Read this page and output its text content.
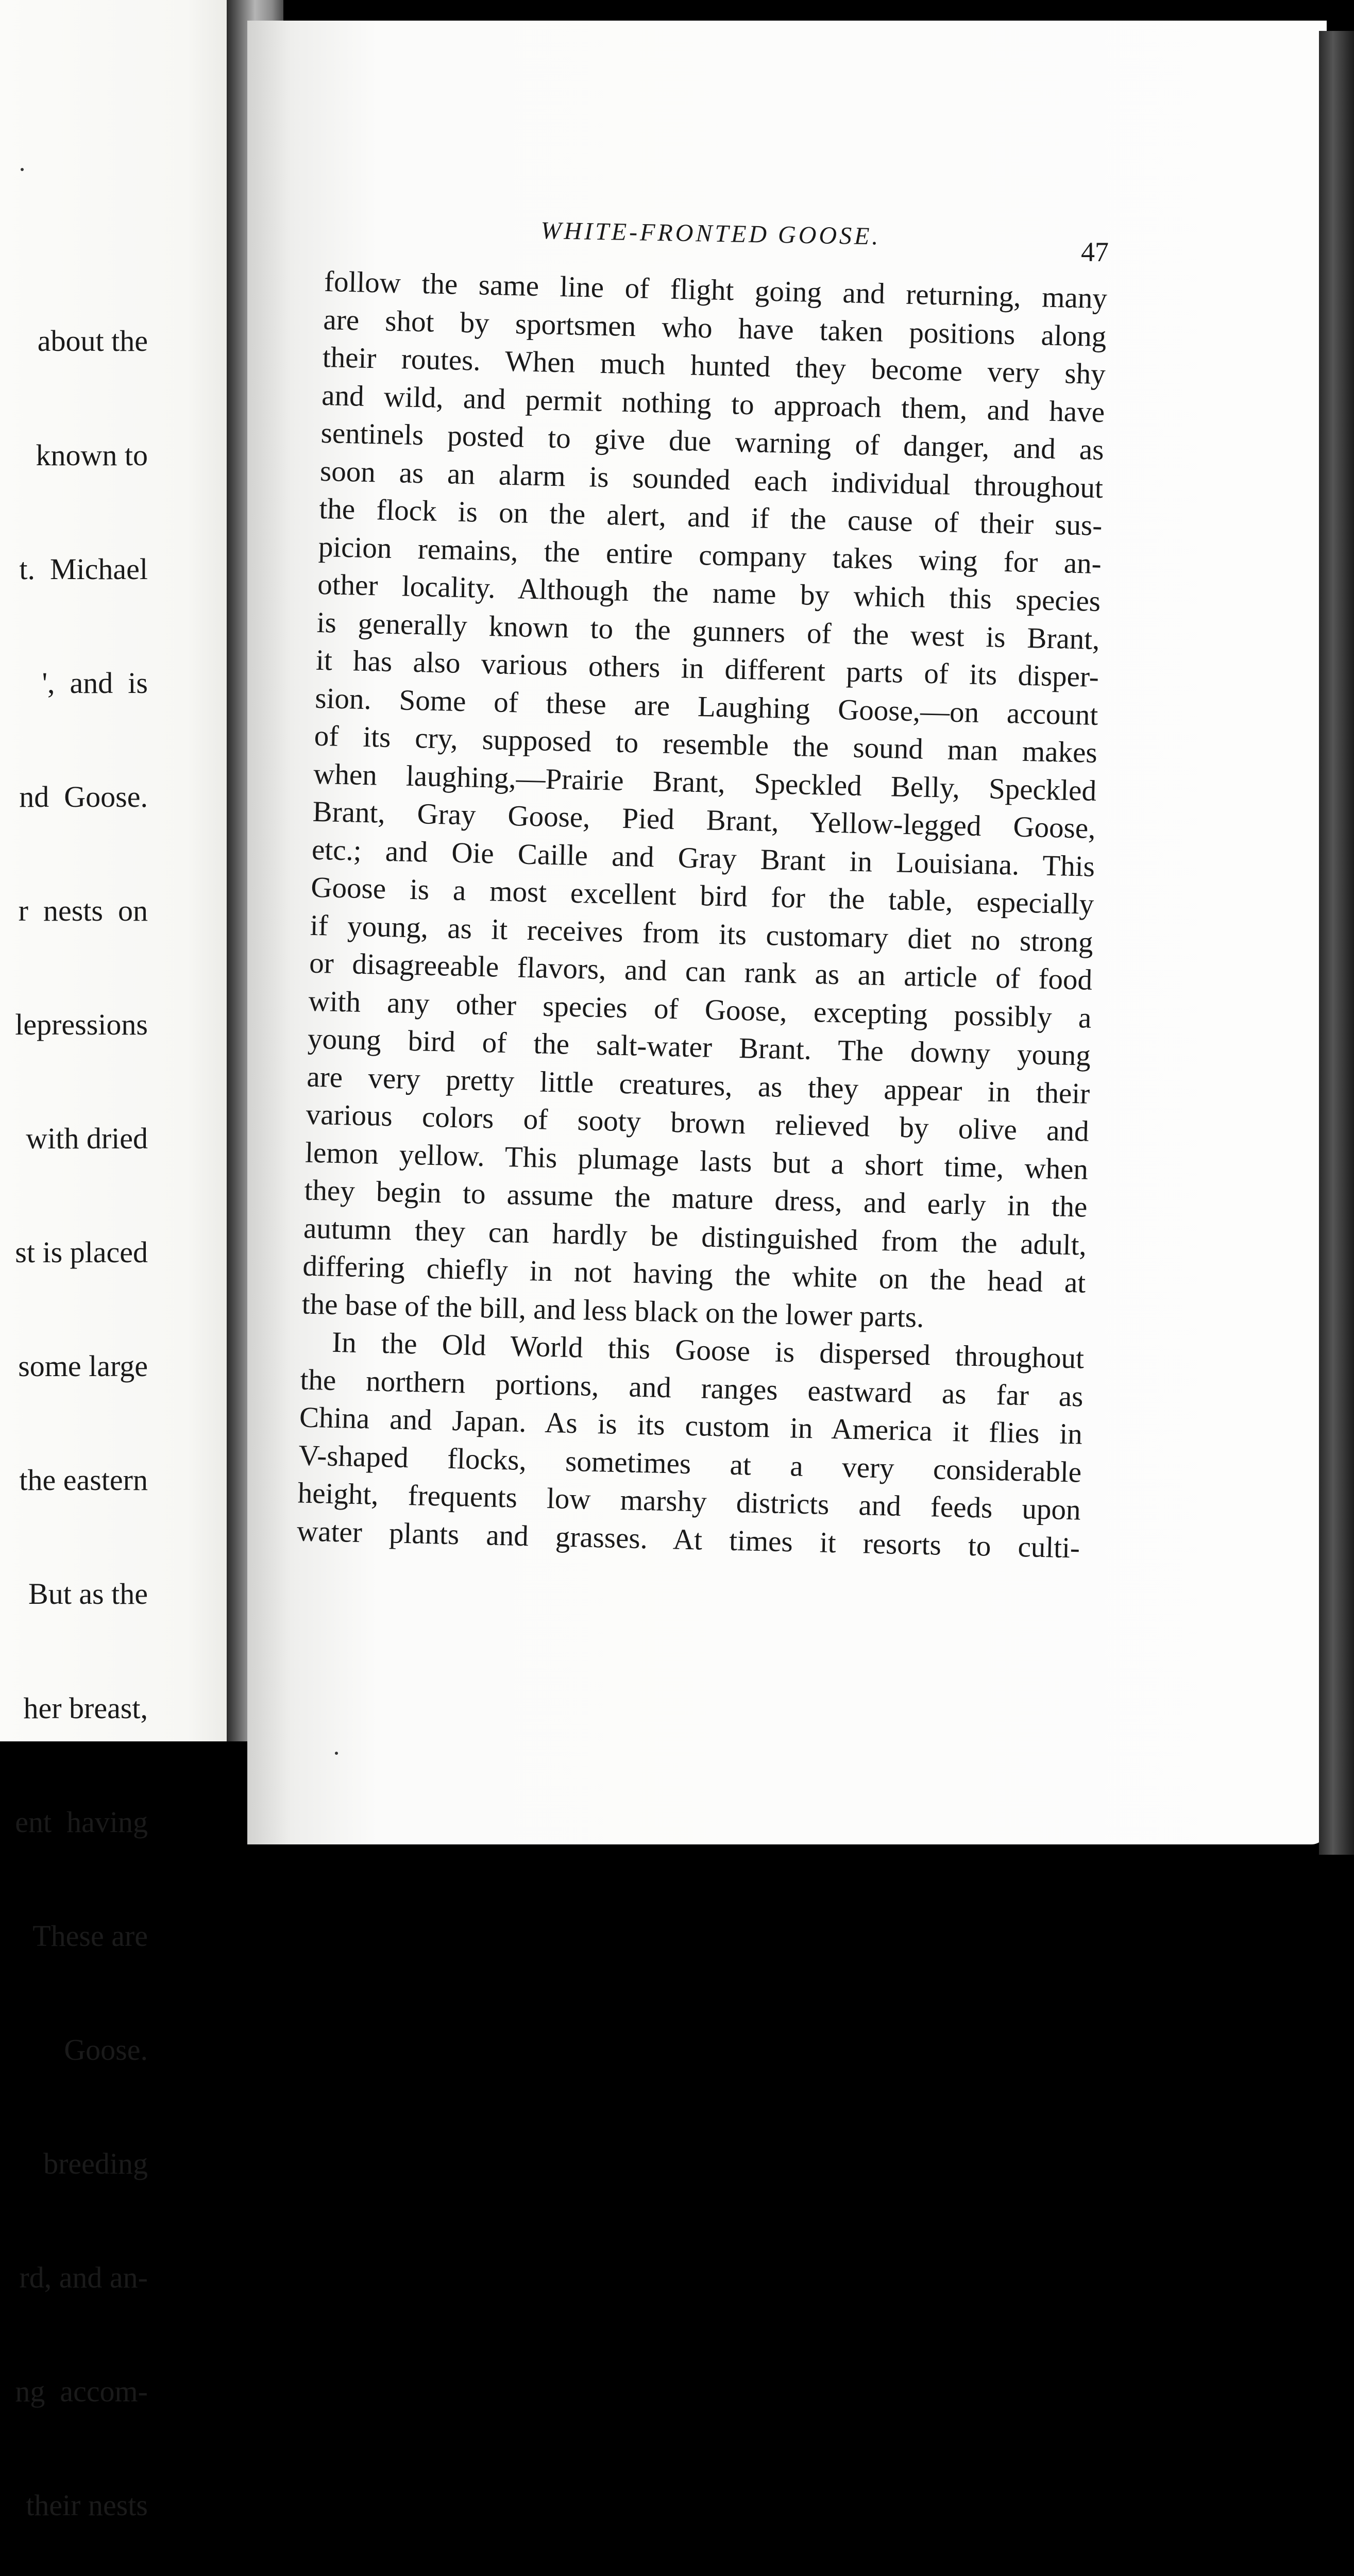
about the

known to

t.  Michael

',  and  is

nd  Goose.

r  nests  on

lepressions

with dried

st is placed

some large

the eastern

But as the

her breast,

ent  having

These are

Goose.

breeding

rd, and an-

ng  accom-

their nests

WHITE-FRONTED GOOSE.
47
follow the same line of flight going and returning, many
are shot by sportsmen who have taken positions along
their routes. When much hunted they become very shy
and wild, and permit nothing to approach them, and have
sentinels posted to give due warning of danger, and as
soon as an alarm is sounded each individual throughout
the flock is on the alert, and if the cause of their sus-
picion remains, the entire company takes wing for an-
other locality. Although the name by which this species
is generally known to the gunners of the west is Brant,
it has also various others in different parts of its disper-
sion. Some of these are Laughing Goose,—on account
of its cry, supposed to resemble the sound man makes
when laughing,—Prairie Brant, Speckled Belly, Speckled
Brant, Gray Goose, Pied Brant, Yellow-legged Goose,
etc.; and Oie Caille and Gray Brant in Louisiana. This
Goose is a most excellent bird for the table, especially
if young, as it receives from its customary diet no strong
or disagreeable flavors, and can rank as an article of food
with any other species of Goose, excepting possibly a
young bird of the salt-water Brant. The downy young
are very pretty little creatures, as they appear in their
various colors of sooty brown relieved by olive and
lemon yellow. This plumage lasts but a short time, when
they begin to assume the mature dress, and early in the
autumn they can hardly be distinguished from the adult,
differing chiefly in not having the white on the head at
the base of the bill, and less black on the lower parts.
In the Old World this Goose is dispersed throughout
the northern portions, and ranges eastward as far as
China and Japan. As is its custom in America it flies in
V-shaped flocks, sometimes at a very considerable
height, frequents low marshy districts and feeds upon
water plants and grasses. At times it resorts to culti-
